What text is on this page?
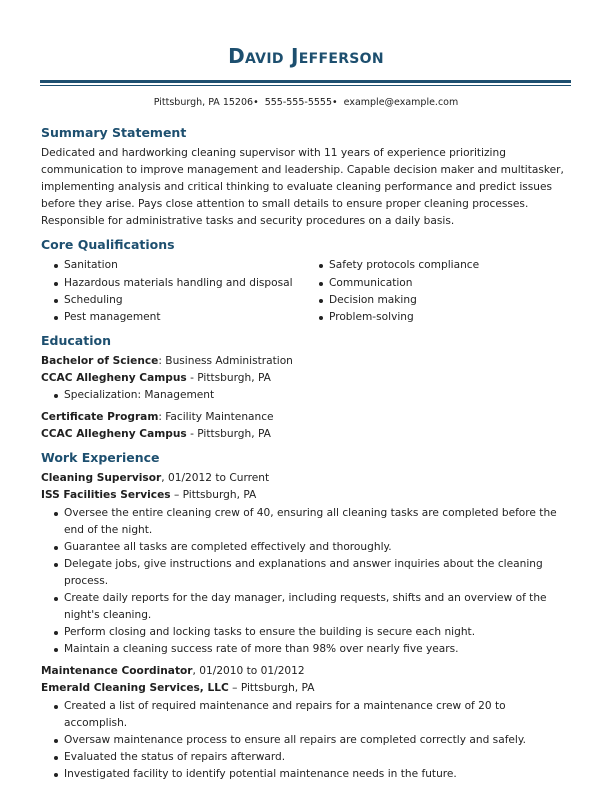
David Jefferson
Pittsburgh, PA 15206• 555-555-5555• example@example.com
Summary Statement

Dedicated and hardworking cleaning supervisor with 11 years of experience prioritizing communication to improve management and leadership. Capable decision maker and multitasker, implementing analysis and critical thinking to evaluate cleaning performance and predict issues before they arise. Pays close attention to small details to ensure proper cleaning processes. Responsible for administrative tasks and security procedures on a daily basis.

Core Qualifications
Sanitation
Hazardous materials handling and disposal
Scheduling
Pest management
Safety protocols compliance
Communication
Decision making
Problem-solving
Education
Bachelor of Science: Business Administration
CCAC Allegheny Campus - Pittsburgh, PA
Specialization: Management
Certificate Program: Facility Maintenance
CCAC Allegheny Campus - Pittsburgh, PA
Work Experience
Cleaning Supervisor, 01/2012 to Current
ISS Facilities Services – Pittsburgh, PA
Oversee the entire cleaning crew of 40, ensuring all cleaning tasks are completed before the end of the night.
Guarantee all tasks are completed effectively and thoroughly.
Delegate jobs, give instructions and explanations and answer inquiries about the cleaning process.
Create daily reports for the day manager, including requests, shifts and an overview of the night's cleaning.
Perform closing and locking tasks to ensure the building is secure each night.
Maintain a cleaning success rate of more than 98% over nearly five years.
Maintenance Coordinator, 01/2010 to 01/2012
Emerald Cleaning Services, LLC – Pittsburgh, PA
Created a list of required maintenance and repairs for a maintenance crew of 20 to accomplish.
Oversaw maintenance process to ensure all repairs are completed correctly and safely.
Evaluated the status of repairs afterward.
Investigated facility to identify potential maintenance needs in the future.
